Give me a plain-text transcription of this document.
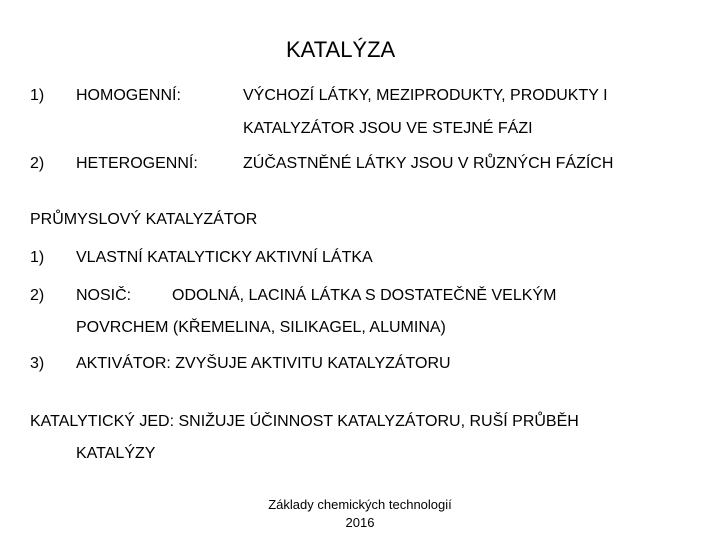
KATALÝZA
1) HOMOGENNÍ:	VÝCHOZÍ LÁTKY, MEZIPRODUKTY, PRODUKTY I
KATALYZÁTOR JSOU VE STEJNÉ FÁZI
2) HETEROGENNÍ:	ZÚČASTNĚNÉ LÁTKY JSOU V RŮZNÝCH FÁZÍCH
PRŮMYSLOVÝ KATALYZÁTOR
1) VLASTNÍ KATALYTICKY AKTIVNÍ LÁTKA
2) NOSIČ:	ODOLNÁ, LACINÁ LÁTKA S DOSTATEČNĚ VELKÝM
POVRCHEM (KŘEMELINA, SILIKAGEL, ALUMINA)
3) AKTIVÁTOR: ZVYŠUJE AKTIVITU KATALYZÁTORU
KATALYTICKÝ JED: SNIŽUJE ÚČINNOST KATALYZÁTORU, RUŠÍ PRŮBĚH
KATALÝZY
Základy chemických technologií
2016
